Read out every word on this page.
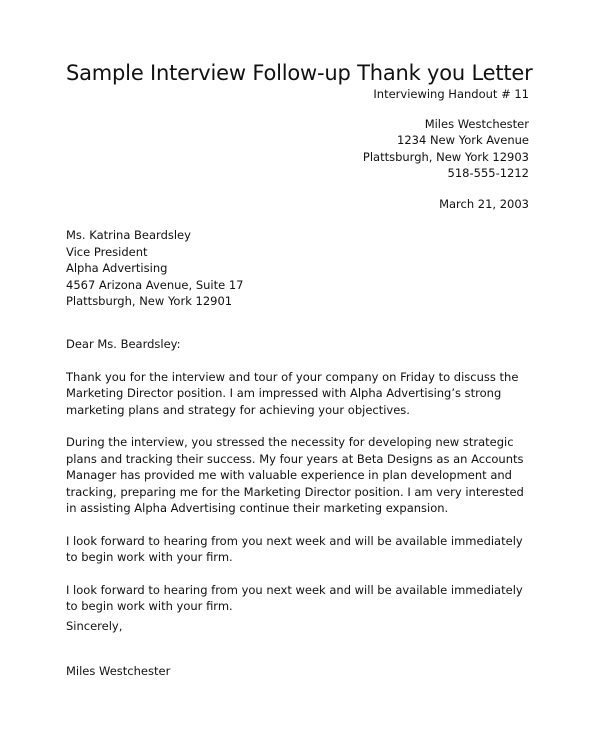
Sample Interview Follow-up Thank you Letter
Interviewing Handout # 11
Miles Westchester
1234 New York Avenue
Plattsburgh, New York 12903
518-555-1212
March 21, 2003
Ms. Katrina Beardsley
Vice President
Alpha Advertising
4567 Arizona Avenue, Suite 17
Plattsburgh, New York 12901

Dear Ms. Beardsley:

Thank you for the interview and tour of your company on Friday to discuss the Marketing Director position. I am impressed with Alpha Advertising’s strong marketing plans and strategy for achieving your objectives.

During the interview, you stressed the necessity for developing new strategic plans and tracking their success. My four years at Beta Designs as an Accounts Manager has provided me with valuable experience in plan development and tracking, preparing me for the Marketing Director position. I am very interested in assisting Alpha Advertising continue their marketing expansion.

I look forward to hearing from you next week and will be available immediately to begin work with your firm.

I look forward to hearing from you next week and will be available immediately to begin work with your firm.

Sincerely,
Miles Westchester
